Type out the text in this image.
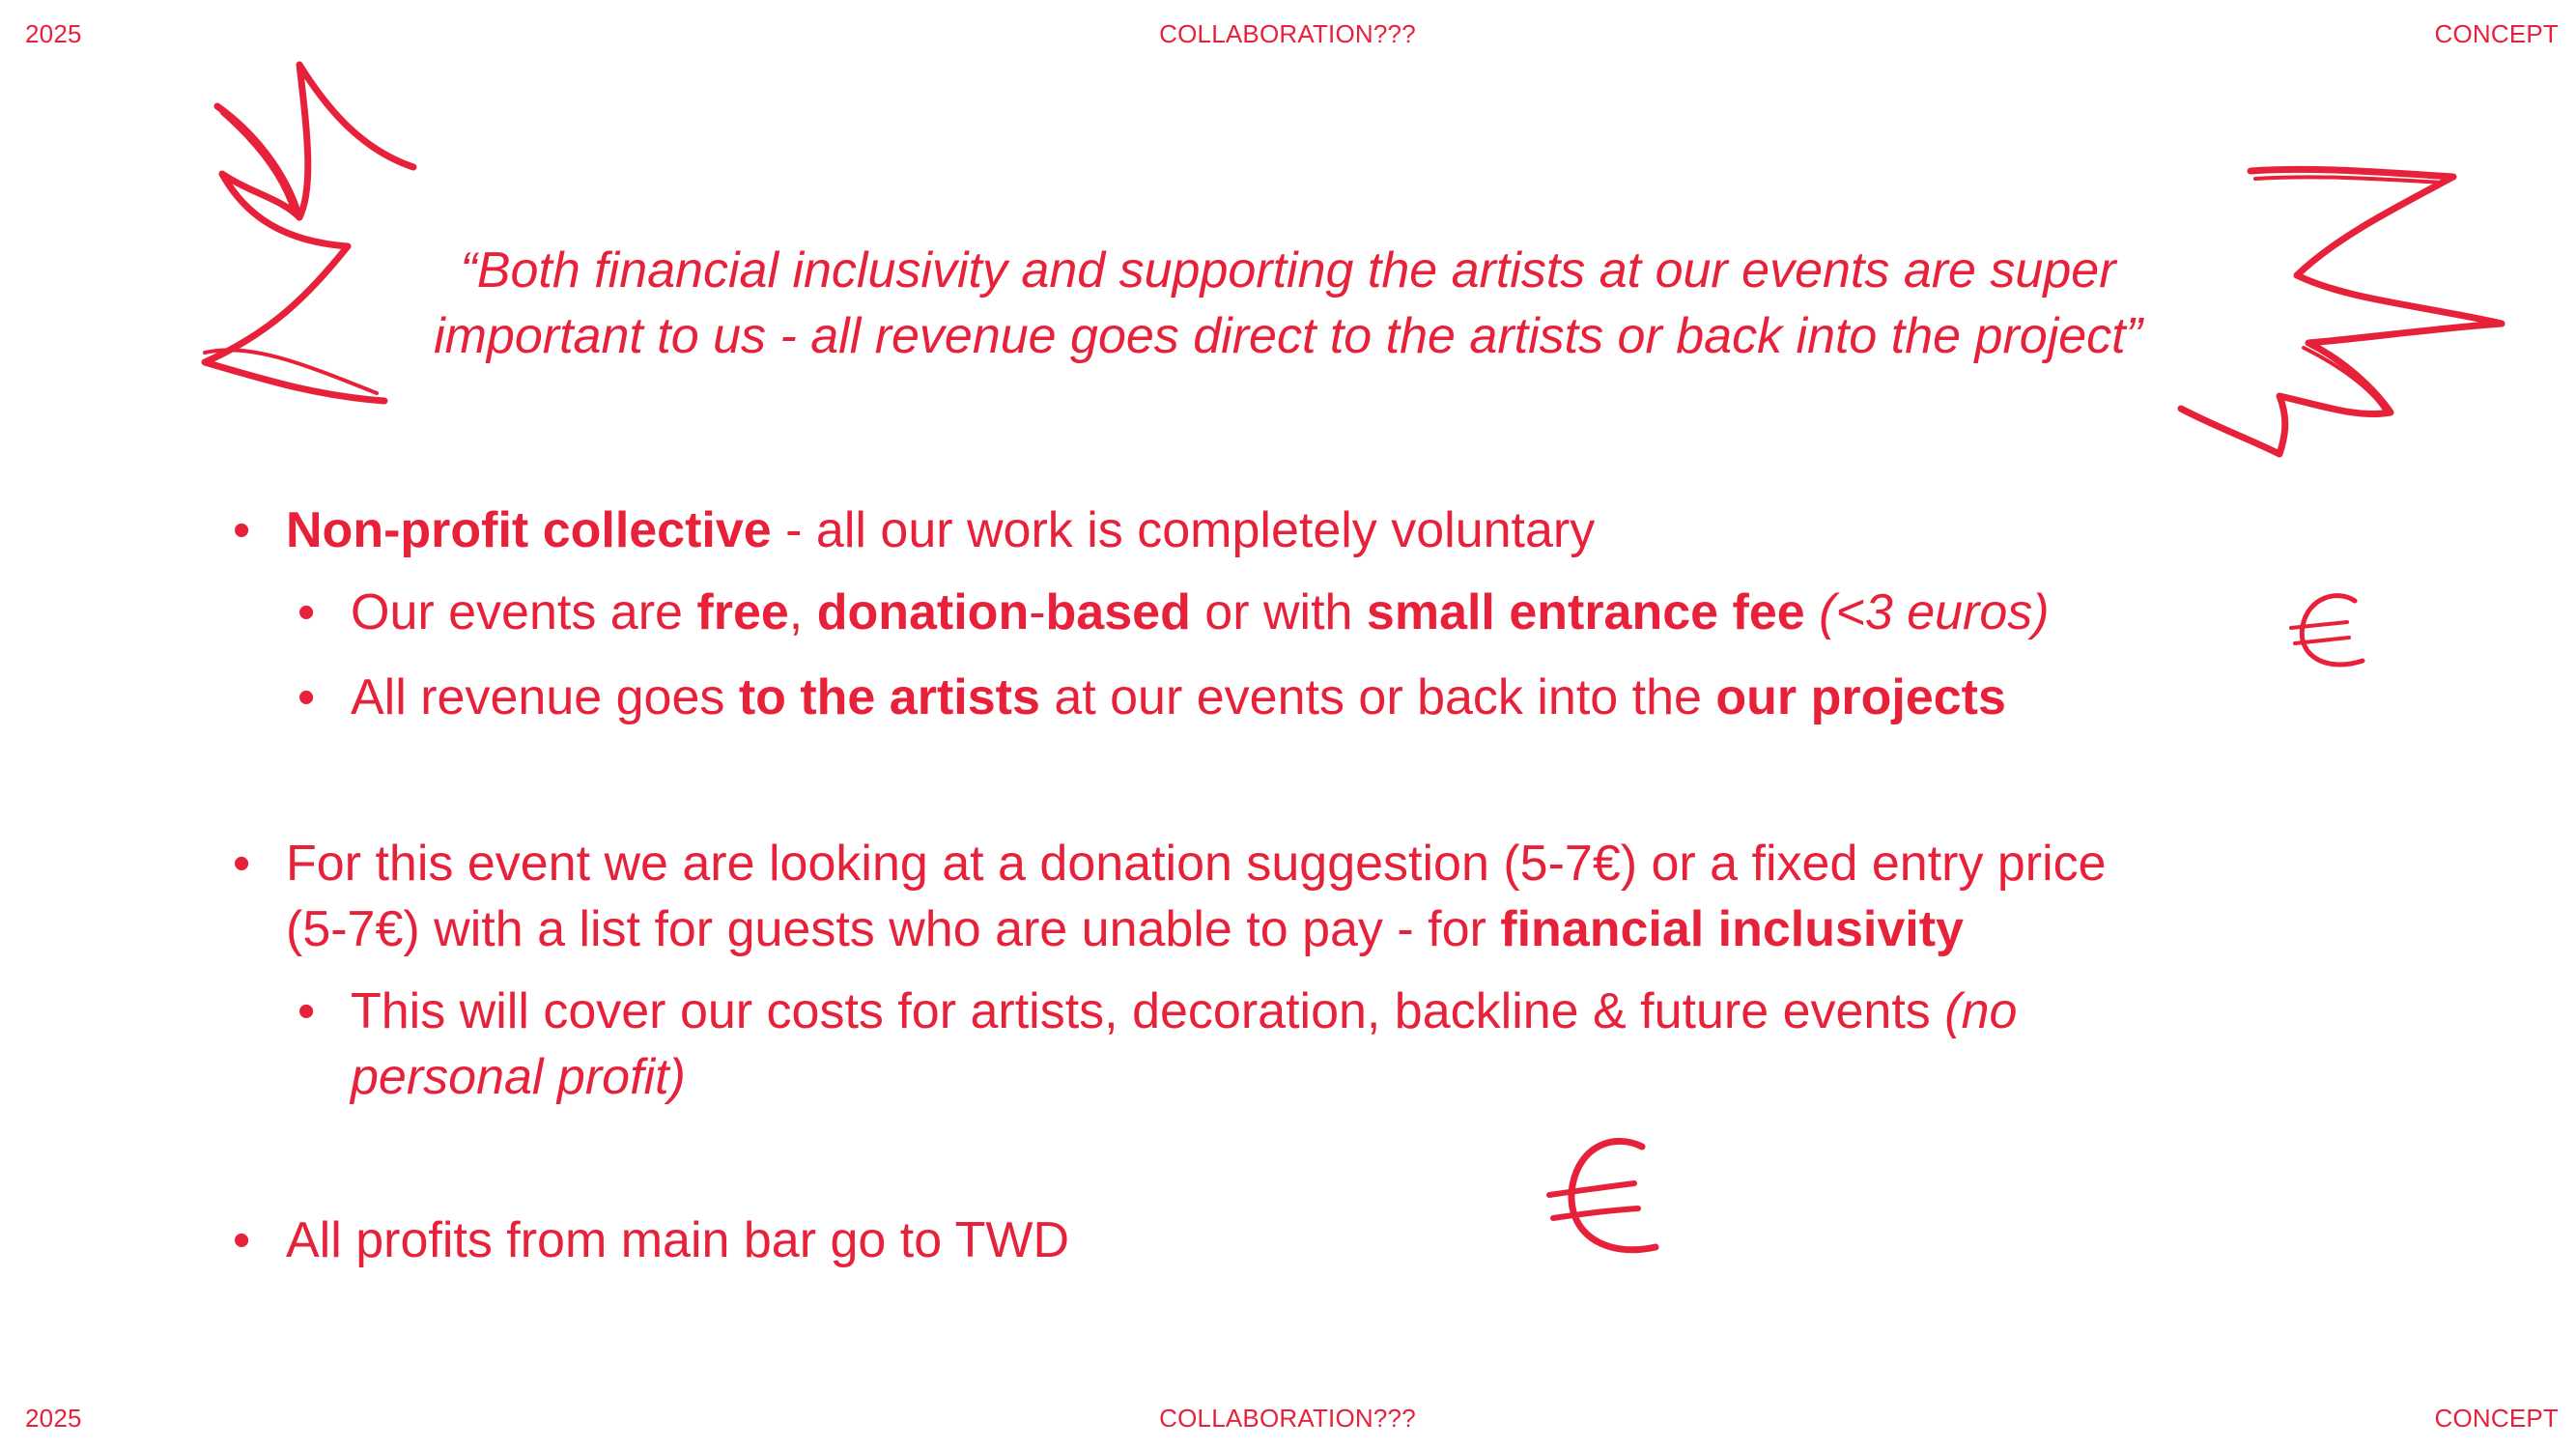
2025	COLLABORATION???	CONCEPT
“Both financial inclusivity and supporting the artists at our events are super
important to us - all revenue goes direct to the artists or back into the project”
• Non-profit collective - all our work is completely voluntary
• Our events are free, donation-based or with small entrance fee (<3 euros)
• All revenue goes to the artists at our events or back into the our projects
• For this event we are looking at a donation suggestion (5-7€) or a fixed entry price
(5-7€) with a list for guests who are unable to pay - for financial inclusivity
• This will cover our costs for artists, decoration, backline & future events (no
personal profit)
• All profits from main bar go to TWD
2025	COLLABORATION???	CONCEPT
